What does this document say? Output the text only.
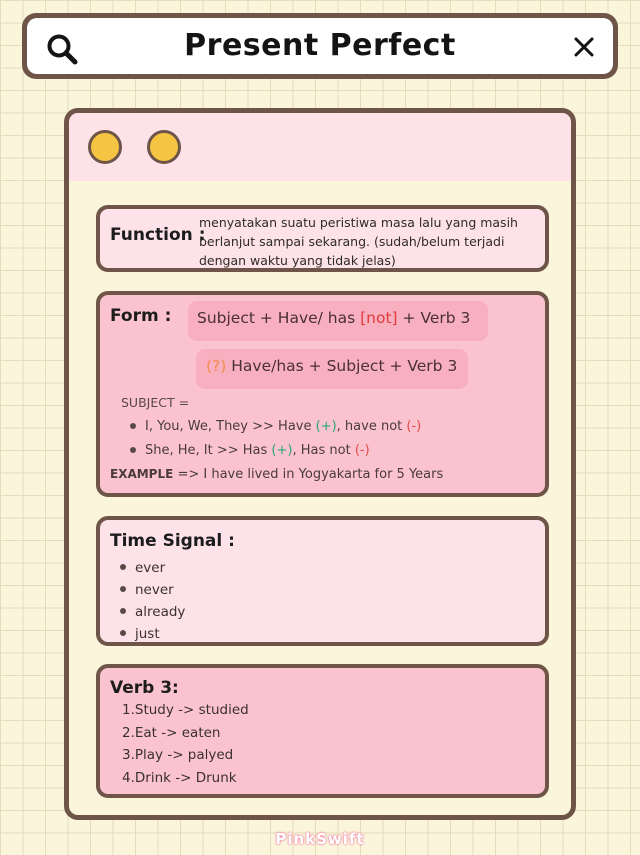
Present Perfect
Function :
menyatakan suatu peristiwa masa lalu yang masih berlanjut sampai sekarang. (sudah/belum terjadi dengan waktu yang tidak jelas)
Form :	Subject + Have/ has [not] + Verb 3
(?) Have/has + Subject + Verb 3
SUBJECT =
I, You, We, They >> Have (+), have not (-)
She, He, It >> Has (+), Has not (-)
EXAMPLE => I have lived in Yogyakarta for 5 Years
Time Signal :
ever
never
already
just
Verb 3:
1.Study -> studied
2.Eat -> eaten
3.Play -> palyed
4.Drink -> Drunk
PinkSwift
